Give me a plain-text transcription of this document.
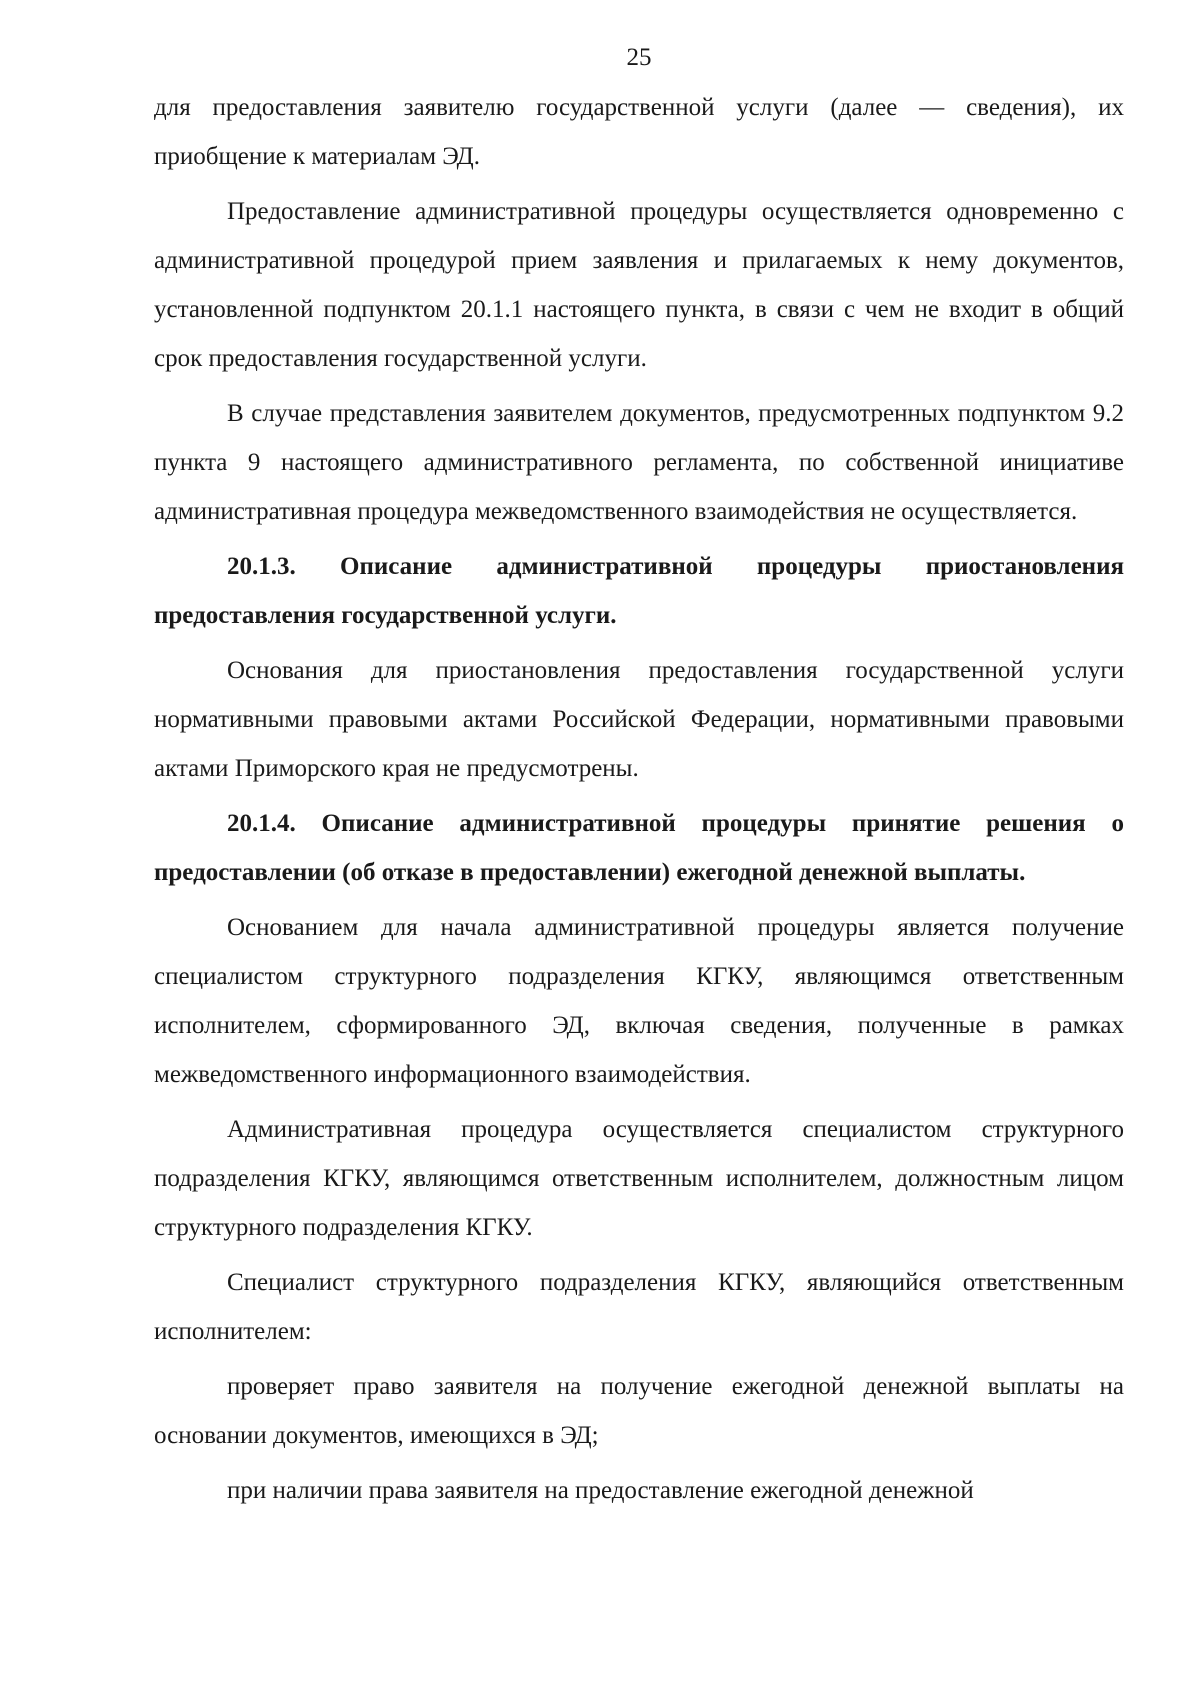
25

для предоставления заявителю государственной услуги (далее — сведения), их приобщение к материалам ЭД.

Предоставление административной процедуры осуществляется одновременно с административной процедурой прием заявления и прилагаемых к нему документов, установленной подпунктом 20.1.1 настоящего пункта, в связи с чем не входит в общий срок предоставления государственной услуги.

В случае представления заявителем документов, предусмотренных подпунктом 9.2 пункта 9 настоящего административного регламента, по собственной инициативе административная процедура межведомственного взаимодействия не осуществляется.

20.1.3. Описание административной процедуры приостановления предоставления государственной услуги.

Основания для приостановления предоставления государственной услуги нормативными правовыми актами Российской Федерации, нормативными правовыми актами Приморского края не предусмотрены.

20.1.4. Описание административной процедуры принятие решения о предоставлении (об отказе в предоставлении) ежегодной денежной выплаты.

Основанием для начала административной процедуры является получение специалистом структурного подразделения КГКУ, являющимся ответственным исполнителем, сформированного ЭД, включая сведения, полученные в рамках межведомственного информационного взаимодействия.

Административная процедура осуществляется специалистом структурного подразделения КГКУ, являющимся ответственным исполнителем, должностным лицом структурного подразделения КГКУ.

Специалист структурного подразделения КГКУ, являющийся ответственным исполнителем:

проверяет право заявителя на получение ежегодной денежной выплаты на основании документов, имеющихся в ЭД;

при наличии права заявителя на предоставление ежегодной денежной
